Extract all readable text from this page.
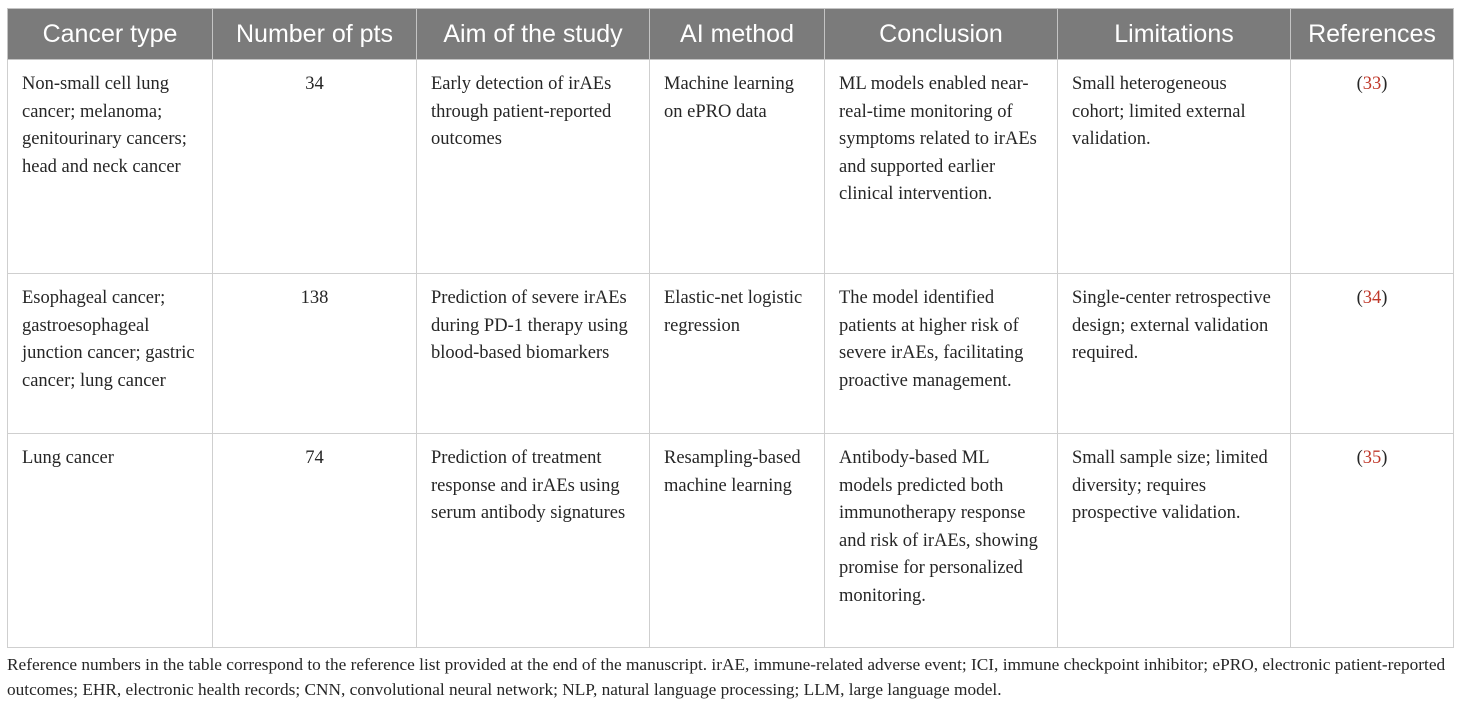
Cancer type	Number of pts	Aim of the study	AI method	Conclusion	Limitations	References
Non-small cell lung cancer; melanoma; genitourinary cancers; head and neck cancer	34	Early detection of irAEs through patient-reported outcomes	Machine learning on ePRO data	ML models enabled near-real-time monitoring of symptoms related to irAEs and supported earlier clinical intervention.	Small heterogeneous cohort; limited external validation.	(33)
Esophageal cancer; gastroesophageal junction cancer; gastric cancer; lung cancer	138	Prediction of severe irAEs during PD-1 therapy using blood-based biomarkers	Elastic-net logistic regression	The model identified patients at higher risk of severe irAEs, facilitating proactive management.	Single-center retrospective design; external validation required.	(34)
Lung cancer	74	Prediction of treatment response and irAEs using serum antibody signatures	Resampling-based machine learning	Antibody-based ML models predicted both immunotherapy response and risk of irAEs, showing promise for personalized monitoring.	Small sample size; limited diversity; requires prospective validation.	(35)

Reference numbers in the table correspond to the reference list provided at the end of the manuscript. irAE, immune-related adverse event; ICI, immune checkpoint inhibitor; ePRO, electronic patient-reported outcomes; EHR, electronic health records; CNN, convolutional neural network; NLP, natural language processing; LLM, large language model.
